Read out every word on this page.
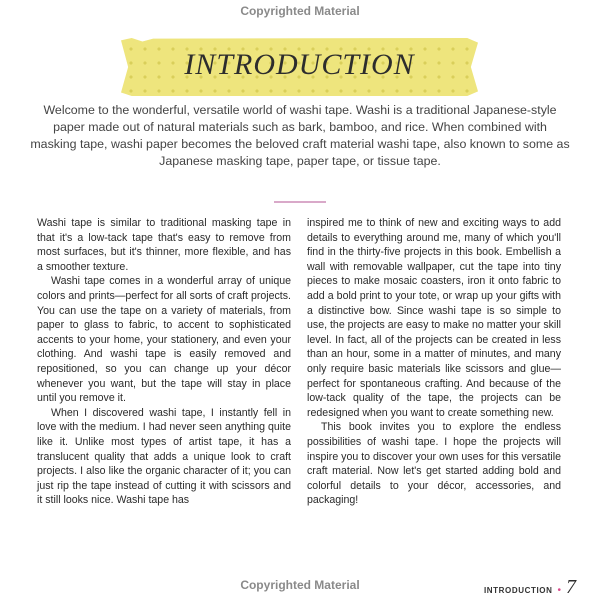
Copyrighted Material
INTRODUCTION
Welcome to the wonderful, versatile world of washi tape. Washi is a traditional Japanese-style paper made out of natural materials such as bark, bamboo, and rice. When combined with masking tape, washi paper becomes the beloved craft material washi tape, also known to some as Japanese masking tape, paper tape, or tissue tape.

Washi tape is similar to traditional masking tape in that it's a low-tack tape that's easy to remove from most surfaces, but it's thinner, more flexible, and has a smoother texture.

Washi tape comes in a wonderful array of unique colors and prints—perfect for all sorts of craft projects. You can use the tape on a variety of materials, from paper to glass to fabric, to accent to sophisticated accents to your home, your stationery, and even your clothing. And washi tape is easily removed and repositioned, so you can change up your décor whenever you want, but the tape will stay in place until you remove it.

When I discovered washi tape, I instantly fell in love with the medium. I had never seen anything quite like it. Unlike most types of artist tape, it has a translucent quality that adds a unique look to craft projects. I also like the organic character of it; you can just rip the tape instead of cutting it with scissors and it still looks nice. Washi tape has

inspired me to think of new and exciting ways to add details to everything around me, many of which you'll find in the thirty-five projects in this book. Embellish a wall with removable wallpaper, cut the tape into tiny pieces to make mosaic coasters, iron it onto fabric to add a bold print to your tote, or wrap up your gifts with a distinctive bow. Since washi tape is so simple to use, the projects are easy to make no matter your skill level. In fact, all of the projects can be created in less than an hour, some in a matter of minutes, and many only require basic materials like scissors and glue—perfect for spontaneous crafting. And because of the low-tack quality of the tape, the projects can be redesigned when you want to create something new.

This book invites you to explore the endless possibilities of washi tape. I hope the projects will inspire you to discover your own uses for this versatile craft material. Now let's get started adding bold and colorful details to your décor, accessories, and packaging!

Copyrighted Material	INTRODUCTION • 7
